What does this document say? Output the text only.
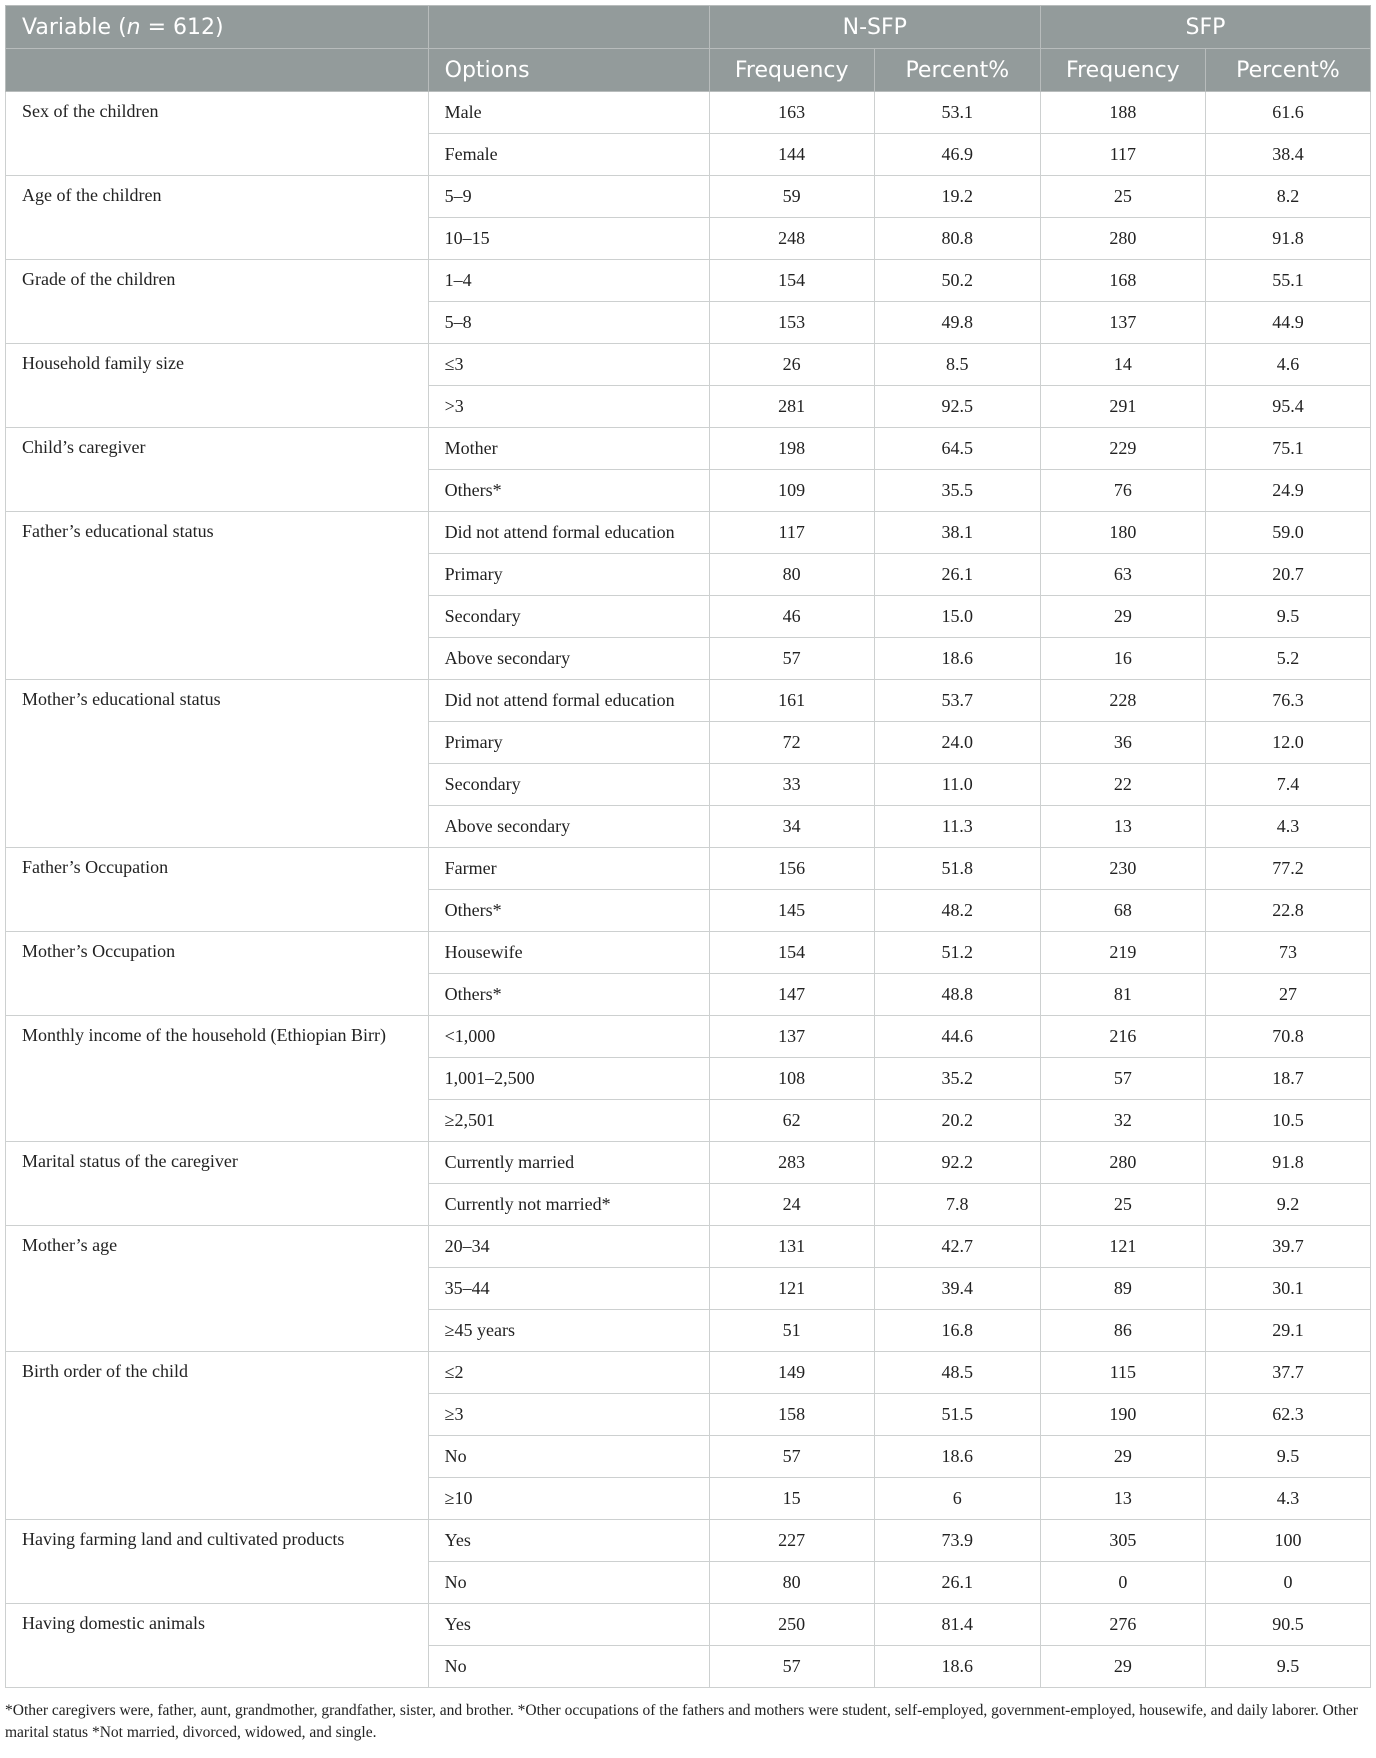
Variable (n = 612)		N-SFP		SFP	
	Options	Frequency	Percent%	Frequency	Percent%
Sex of the children	Male	163	53.1	188	61.6
	Female	144	46.9	117	38.4
Age of the children	5–9	59	19.2	25	8.2
	10–15	248	80.8	280	91.8
Grade of the children	1–4	154	50.2	168	55.1
	5–8	153	49.8	137	44.9
Household family size	≤3	26	8.5	14	4.6
	>3	281	92.5	291	95.4
Child’s caregiver	Mother	198	64.5	229	75.1
	Others*	109	35.5	76	24.9
Father’s educational status	Did not attend formal education	117	38.1	180	59.0
	Primary	80	26.1	63	20.7
	Secondary	46	15.0	29	9.5
	Above secondary	57	18.6	16	5.2
Mother’s educational status	Did not attend formal education	161	53.7	228	76.3
	Primary	72	24.0	36	12.0
	Secondary	33	11.0	22	7.4
	Above secondary	34	11.3	13	4.3
Father’s Occupation	Farmer	156	51.8	230	77.2
	Others*	145	48.2	68	22.8
Mother’s Occupation	Housewife	154	51.2	219	73
	Others*	147	48.8	81	27
Monthly income of the household (Ethiopian Birr)	<1,000	137	44.6	216	70.8
	1,001–2,500	108	35.2	57	18.7
	≥2,501	62	20.2	32	10.5
Marital status of the caregiver	Currently married	283	92.2	280	91.8
	Currently not married*	24	7.8	25	9.2
Mother’s age	20–34	131	42.7	121	39.7
	35–44	121	39.4	89	30.1
	≥45 years	51	16.8	86	29.1
Birth order of the child	≤2	149	48.5	115	37.7
	≥3	158	51.5	190	62.3
	No	57	18.6	29	9.5
	≥10	15	6	13	4.3
Having farming land and cultivated products	Yes	227	73.9	305	100
	No	80	26.1	0	0
Having domestic animals	Yes	250	81.4	276	90.5
	No	57	18.6	29	9.5
*Other caregivers were, father, aunt, grandmother, grandfather, sister, and brother. *Other occupations of the fathers and mothers were student, self-employed, government-employed, housewife, and daily laborer. Other marital status *Not married, divorced, widowed, and single.
